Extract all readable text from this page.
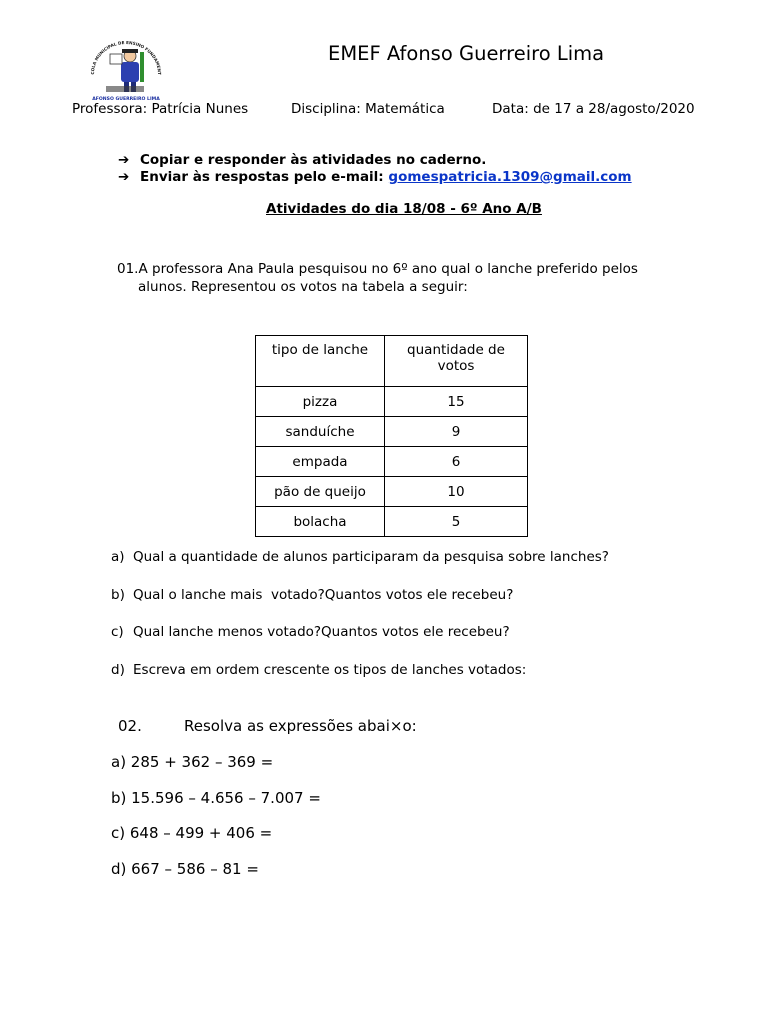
COLA MUNICIPAL DE ENSINO FUNDAMENT
AFONSO GUERREIRO LIMA
EMEF Afonso Guerreiro Lima
Professora: Patrícia Nunes	Disciplina: Matemática	Data: de 17 a 28/agosto/2020
➔ Copiar e responder às atividades no caderno.
➔ Enviar às respostas pelo e-mail: gomespatricia.1309@gmail.com
Atividades do dia 18/08 - 6º Ano A/B
01.A professora Ana Paula pesquisou no 6º ano qual o lanche preferido pelos
alunos. Representou os votos na tabela a seguir:
tipo de lanche	quantidade de votos

pizza	15
sanduíche	9
empada	6
pão de queijo	10
bolacha	5
a) Qual a quantidade de alunos participaram da pesquisa sobre lanches?
b) Qual o lanche mais  votado?Quantos votos ele recebeu?
c) Qual lanche menos votado?Quantos votos ele recebeu?
d) Escreva em ordem crescente os tipos de lanches votados:
02.	Resolva as expressões abai×o:
a) 285 + 362 – 369 =
b) 15.596 – 4.656 – 7.007 =
c) 648 – 499 + 406 =
d) 667 – 586 – 81 =
